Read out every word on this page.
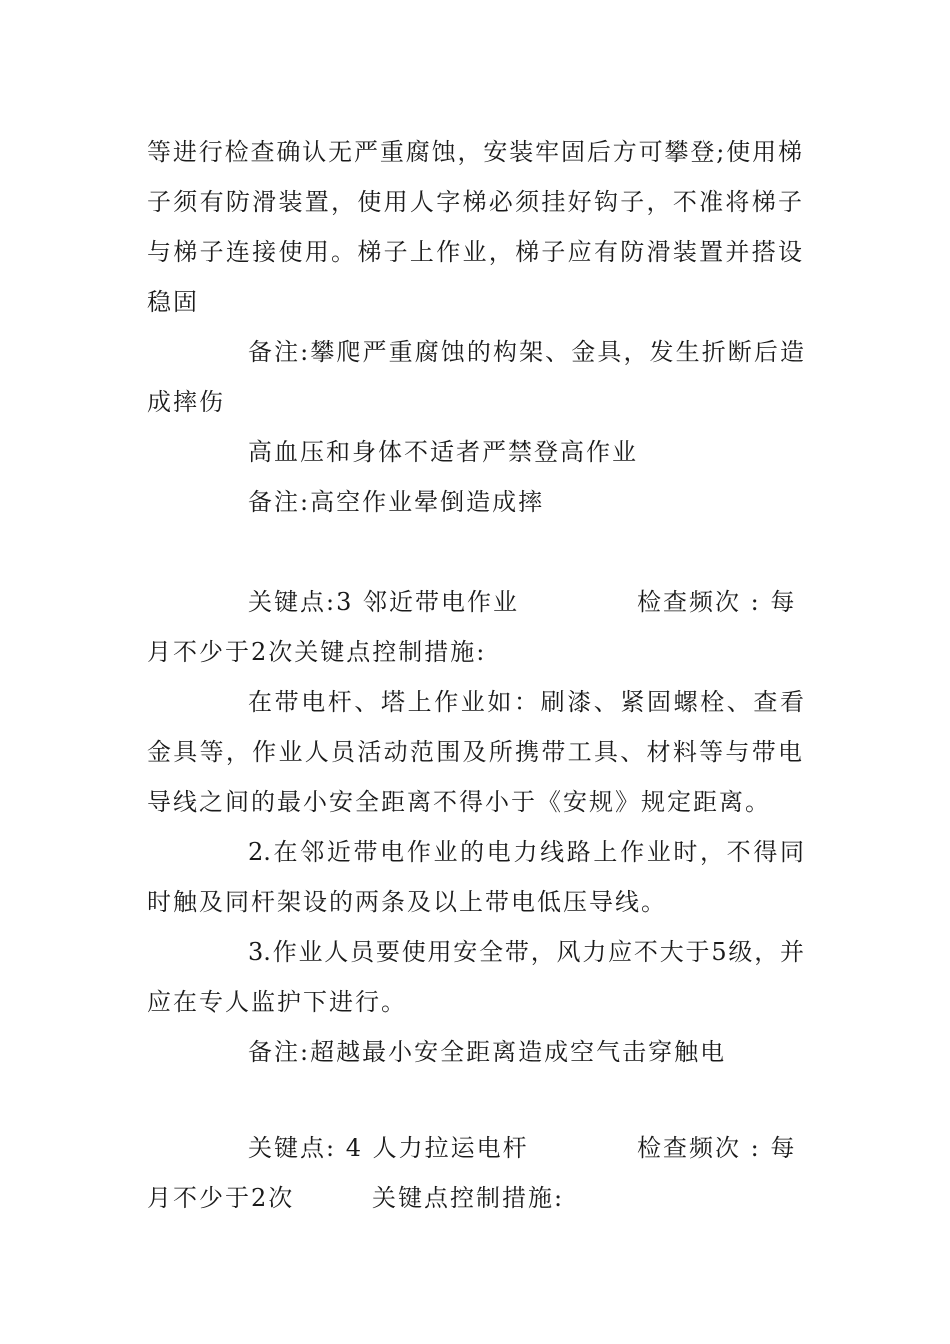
等进行检查确认无严重腐蚀，安装牢固后方可攀登;使用梯
子须有防滑装置，使用人字梯必须挂好钩子，不准将梯子
与梯子连接使用。梯子上作业，梯子应有防滑装置并搭设
稳固
备注:攀爬严重腐蚀的构架、金具，发生折断后造
成摔伤
高血压和身体不适者严禁登高作业
备注:高空作业晕倒造成摔
关键点:3 邻近带电作业	检查频次 : 每
月不少于2次关键点控制措施:
在带电杆、塔上作业如：刷漆、紧固螺栓、查看
金具等，作业人员活动范围及所携带工具、材料等与带电
导线之间的最小安全距离不得小于《安规》规定距离。
2.在邻近带电作业的电力线路上作业时，不得同
时触及同杆架设的两条及以上带电低压导线。
3.作业人员要使用安全带，风力应不大于5级，并
应在专人监护下进行。
备注:超越最小安全距离造成空气击穿触电
关键点: 4 人力拉运电杆	检查频次 : 每
月不少于2次	关键点控制措施:
